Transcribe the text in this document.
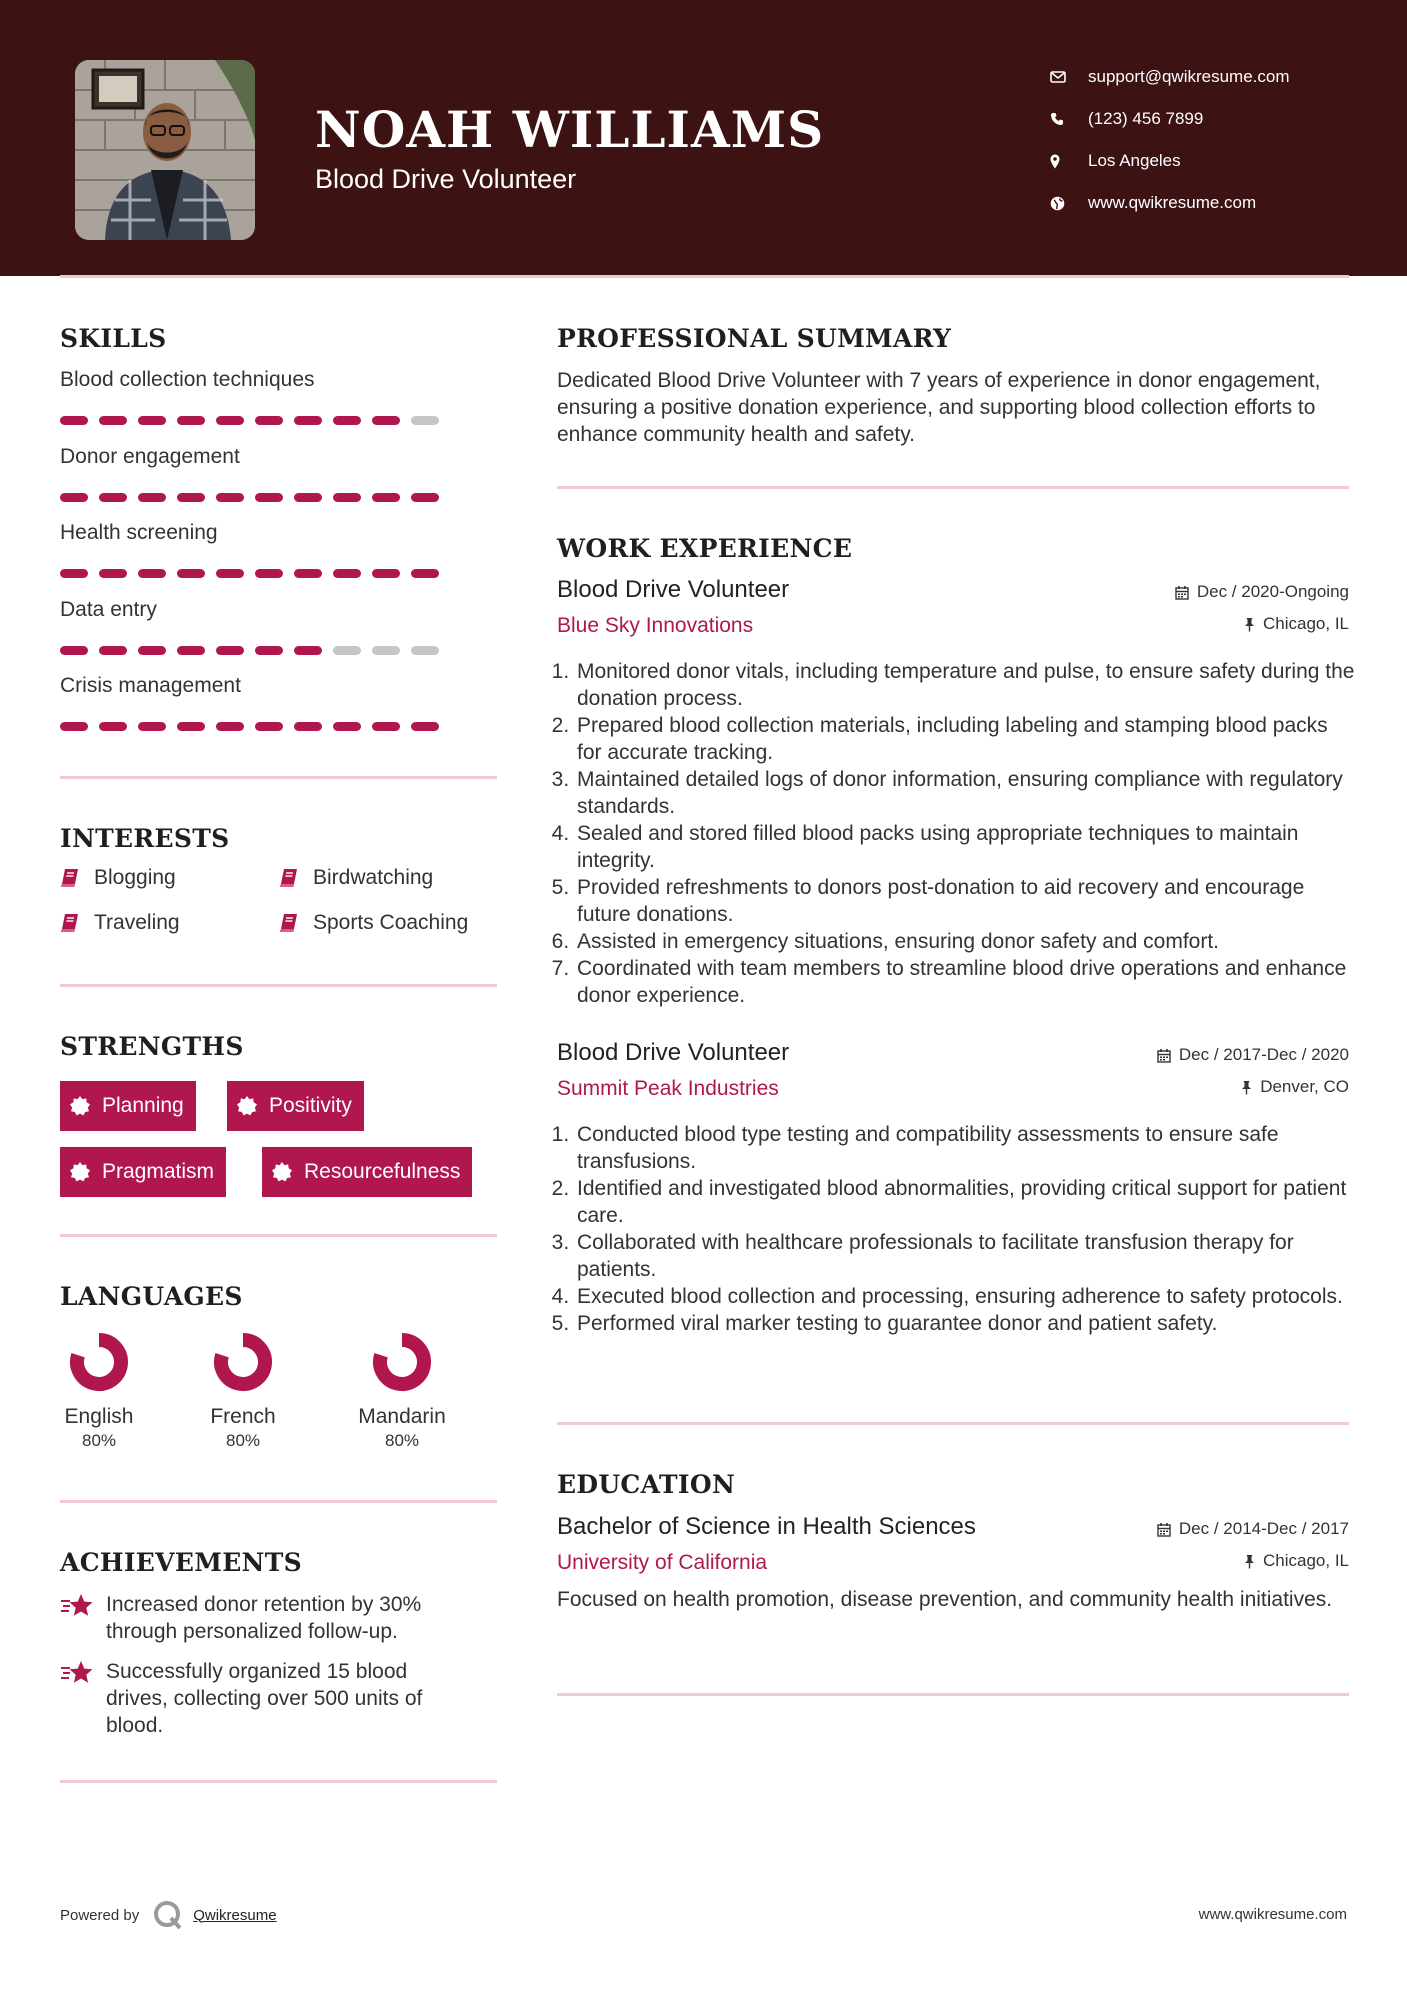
NOAH WILLIAMS
Blood Drive Volunteer
support@qwikresume.com
(123) 456 7899
Los Angeles
www.qwikresume.com
SKILLS
Blood collection techniques
Donor engagement
Health screening
Data entry
Crisis management
INTERESTS
Blogging	Birdwatching
Traveling	Sports Coaching
STRENGTHS
Planning	Positivity
Pragmatism	Resourcefulness
LANGUAGES
English
80%
French
80%
Mandarin
80%
ACHIEVEMENTS
Increased donor retention by 30% through personalized follow-up.
Successfully organized 15 blood drives, collecting over 500 units of blood.
PROFESSIONAL SUMMARY
Dedicated Blood Drive Volunteer with 7 years of experience in donor engagement, ensuring a positive donation experience, and supporting blood collection efforts to enhance community health and safety.
WORK EXPERIENCE
Blood Drive Volunteer
Blue Sky Innovations
Dec / 2020-Ongoing
Chicago, IL
1. Monitored donor vitals, including temperature and pulse, to ensure safety during the donation process.
2. Prepared blood collection materials, including labeling and stamping blood packs for accurate tracking.
3. Maintained detailed logs of donor information, ensuring compliance with regulatory standards.
4. Sealed and stored filled blood packs using appropriate techniques to maintain integrity.
5. Provided refreshments to donors post-donation to aid recovery and encourage future donations.
6. Assisted in emergency situations, ensuring donor safety and comfort.
7. Coordinated with team members to streamline blood drive operations and enhance donor experience.
Blood Drive Volunteer
Summit Peak Industries
Dec / 2017-Dec / 2020
Denver, CO
1. Conducted blood type testing and compatibility assessments to ensure safe transfusions.
2. Identified and investigated blood abnormalities, providing critical support for patient care.
3. Collaborated with healthcare professionals to facilitate transfusion therapy for patients.
4. Executed blood collection and processing, ensuring adherence to safety protocols.
5. Performed viral marker testing to guarantee donor and patient safety.
EDUCATION
Bachelor of Science in Health Sciences
University of California
Dec / 2014-Dec / 2017
Chicago, IL
Focused on health promotion, disease prevention, and community health initiatives.
Powered by	Qwikresume	www.qwikresume.com
